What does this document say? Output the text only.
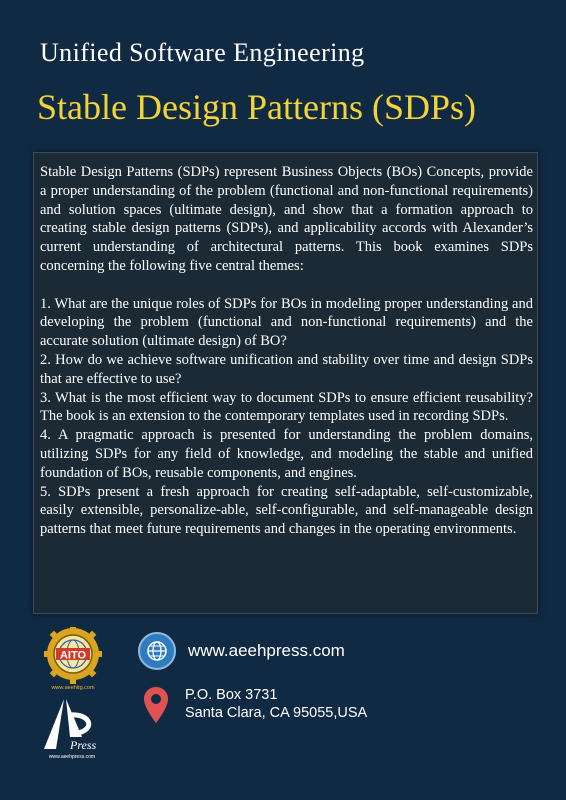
Unified Software Engineering
Stable Design Patterns (SDPs)

Stable Design Patterns (SDPs) represent Business Objects (BOs) Concepts, provide a proper understanding of the problem (functional and non-functional requirements) and solution spaces (ultimate design), and show that a formation approach to creating stable design patterns (SDPs), and applicability accords with Alexander’s current understanding of architectural patterns. This book examines SDPs concerning the following five central themes:

1. What are the unique roles of SDPs for BOs in modeling proper understanding and developing the problem (functional and non-functional requirements) and the accurate solution (ultimate design) of BO?

2. How do we achieve software unification and stability over time and design SDPs that are effective to use?

3. What is the most efficient way to document SDPs to ensure efficient reusability? The book is an extension to the contemporary templates used in recording SDPs.

4. A pragmatic approach is presented for understanding the problem domains, utilizing SDPs for any field of knowledge, and modeling the stable and unified foundation of BOs, reusable components, and engines.

5. SDPs present a fresh approach for creating self-adaptable, self-customizable, easily extensible, personalize-able, self-configurable, and self-manageable design patterns that meet future requirements and changes in the operating environments.

AITO
www.aeehitg.com
Press
www.aeehpress.com
www.aeehpress.com
P.O. Box 3731
Santa Clara, CA 95055,USA
